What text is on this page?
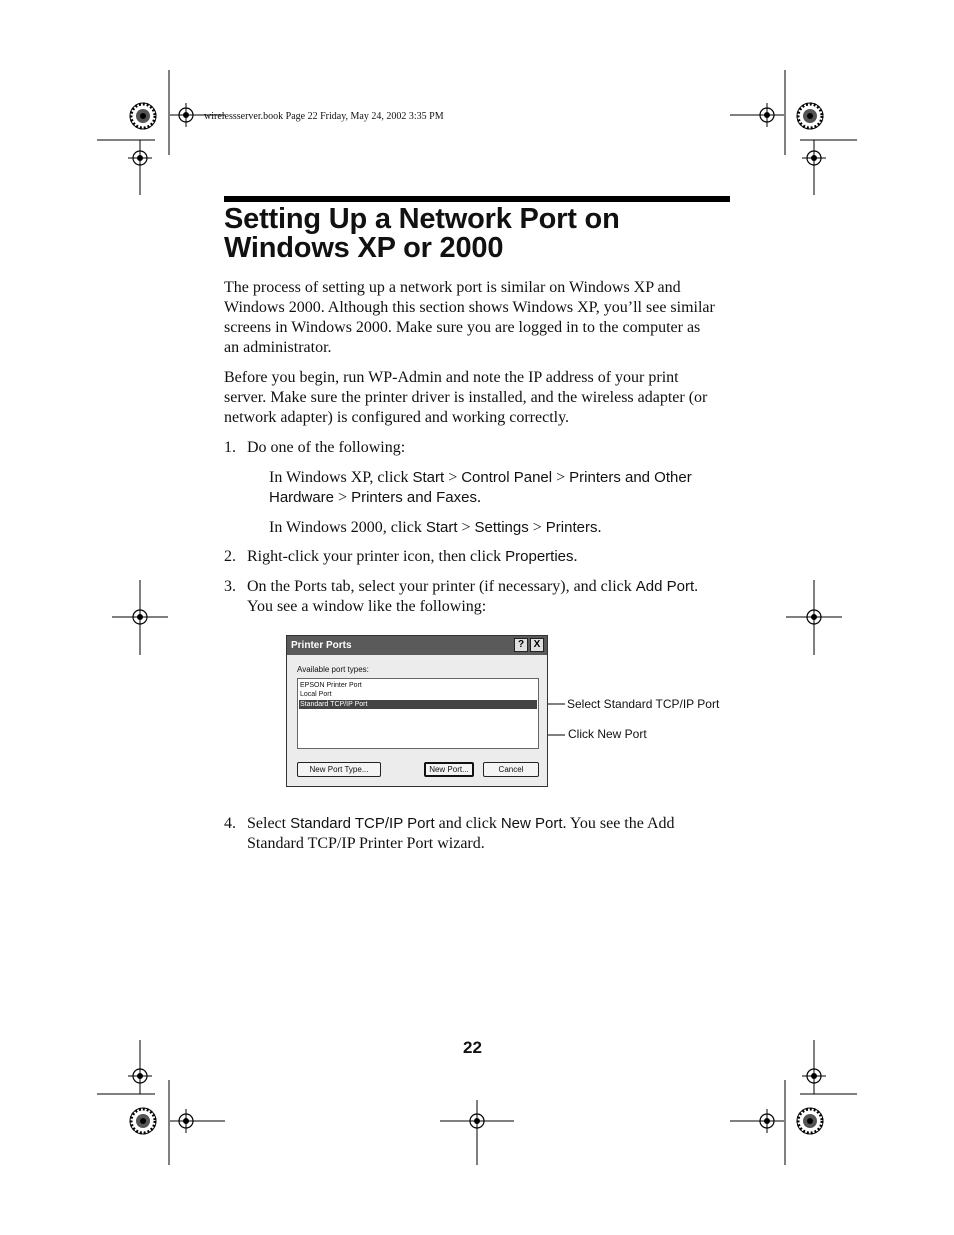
wirelessserver.book Page 22 Friday, May 24, 2002 3:35 PM
Setting Up a Network Port on
Windows XP or 2000

The process of setting up a network port is similar on Windows XP and
Windows 2000. Although this section shows Windows XP, you’ll see similar
screens in Windows 2000. Make sure you are logged in to the computer as
an administrator.

Before you begin, run WP-Admin and note the IP address of your print
server. Make sure the printer driver is installed, and the wireless adapter (or
network adapter) is configured and working correctly.

1. Do one of the following:
In Windows XP, click Start > Control Panel > Printers and Other
Hardware > Printers and Faxes.
In Windows 2000, click Start > Settings > Printers.
2. Right-click your printer icon, then click Properties.
3. On the Ports tab, select your printer (if necessary), and click Add Port.
You see a window like the following:
Printer Ports	? X
Available port types:
EPSON Printer Port
Local Port
Standard TCP/IP Port
New Port Type...	New Port...	Cancel
Select Standard TCP/IP Port
Click New Port
4. Select Standard TCP/IP Port and click New Port. You see the Add
Standard TCP/IP Printer Port wizard.
22
